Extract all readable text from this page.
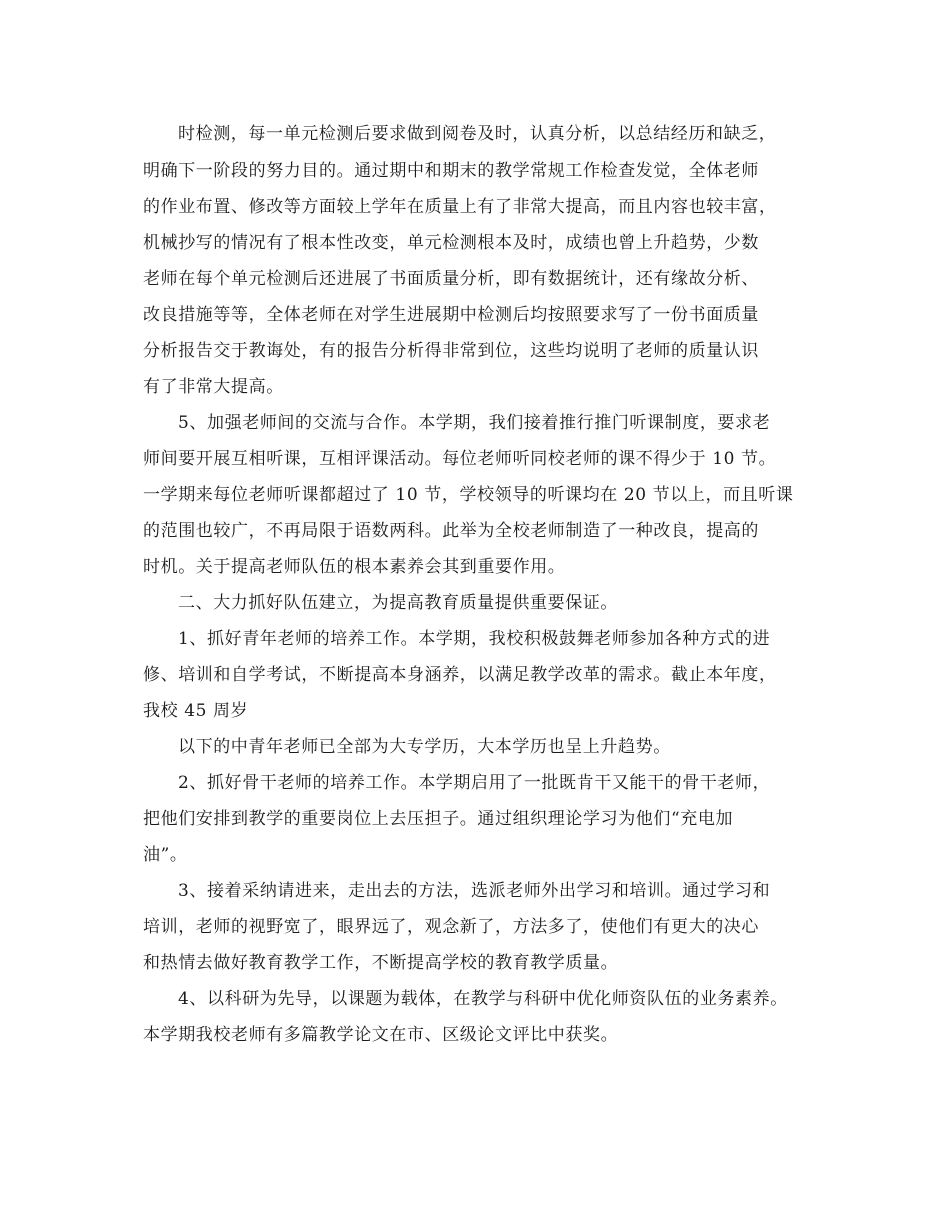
时检测，每一单元检测后要求做到阅卷及时，认真分析，以总结经历和缺乏，
明确下一阶段的努力目的。通过期中和期末的教学常规工作检查发觉，全体老师
的作业布置、修改等方面较上学年在质量上有了非常大提高，而且内容也较丰富，
机械抄写的情况有了根本性改变，单元检测根本及时，成绩也曾上升趋势，少数
老师在每个单元检测后还进展了书面质量分析，即有数据统计，还有缘故分析、
改良措施等等，全体老师在对学生进展期中检测后均按照要求写了一份书面质量
分析报告交于教诲处，有的报告分析得非常到位，这些均说明了老师的质量认识
有了非常大提高。
5、加强老师间的交流与合作。本学期，我们接着推行推门听课制度，要求老
师间要开展互相听课，互相评课活动。每位老师听同校老师的课不得少于 10 节。
一学期来每位老师听课都超过了 10 节，学校领导的听课均在 20 节以上，而且听课
的范围也较广，不再局限于语数两科。此举为全校老师制造了一种改良，提高的
时机。关于提高老师队伍的根本素养会其到重要作用。
二、大力抓好队伍建立，为提高教育质量提供重要保证。
1、抓好青年老师的培养工作。本学期，我校积极鼓舞老师参加各种方式的进
修、培训和自学考试，不断提高本身涵养，以满足教学改革的需求。截止本年度，
我校 45 周岁
以下的中青年老师已全部为大专学历，大本学历也呈上升趋势。
2、抓好骨干老师的培养工作。本学期启用了一批既肯干又能干的骨干老师，
把他们安排到教学的重要岗位上去压担子。通过组织理论学习为他们“充电加
油”。
3、接着采纳请进来，走出去的方法，选派老师外出学习和培训。通过学习和
培训，老师的视野宽了，眼界远了，观念新了，方法多了，使他们有更大的决心
和热情去做好教育教学工作，不断提高学校的教育教学质量。
4、以科研为先导，以课题为载体，在教学与科研中优化师资队伍的业务素养。
本学期我校老师有多篇教学论文在市、区级论文评比中获奖。
